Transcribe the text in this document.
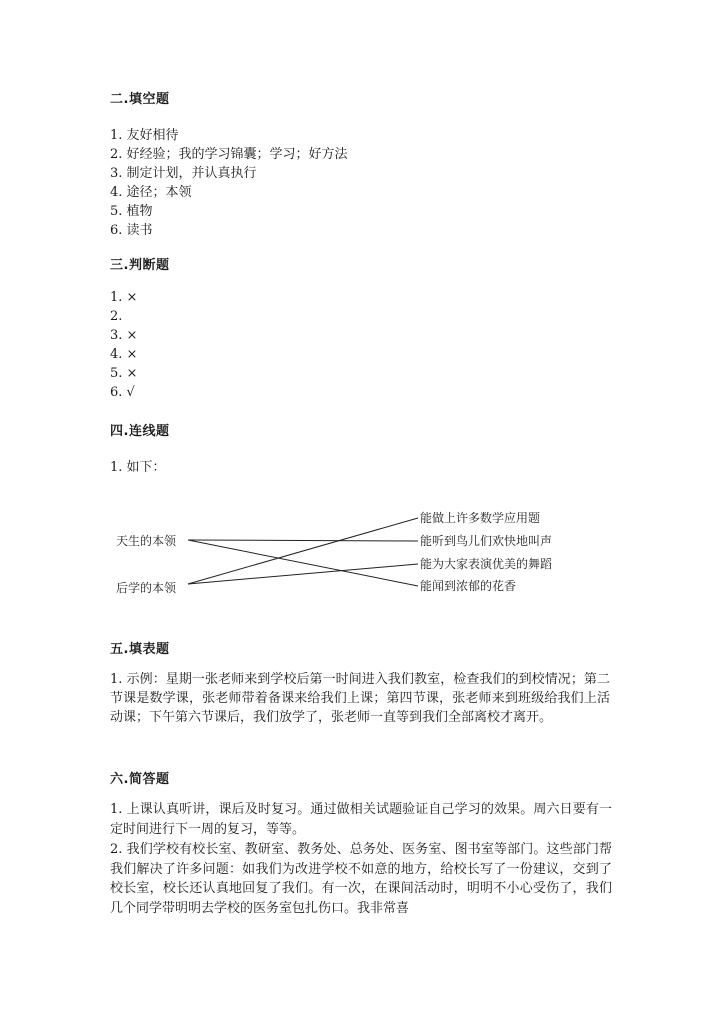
二.填空题
1. 友好相待
2. 好经验；我的学习锦囊；学习；好方法
3. 制定计划，并认真执行
4. 途径；本领
5. 植物
6. 读书
三.判断题
1. ×
2.
3. ×
4. ×
5. ×
6. √
四.连线题
1. 如下：
天生的本领
后学的本领
能做上许多数学应用题
能听到鸟儿们欢快地叫声
能为大家表演优美的舞蹈
能闻到浓郁的花香
五.填表题
1. 示例：星期一张老师来到学校后第一时间进入我们教室，检查我们的到校情况；第二节课是数学课，张老师带着备课来给我们上课；第四节课，张老师来到班级给我们上活动课；下午第六节课后，我们放学了，张老师一直等到我们全部离校才离开。
六.简答题
1. 上课认真听讲，课后及时复习。通过做相关试题验证自己学习的效果。周六日要有一定时间进行下一周的复习，等等。
2. 我们学校有校长室、教研室、教务处、总务处、医务室、图书室等部门。这些部门帮我们解决了许多问题：如我们为改进学校不如意的地方，给校长写了一份建议，交到了校长室，校长还认真地回复了我们。有一次，在课间活动时，明明不小心受伤了，我们几个同学带明明去学校的医务室包扎伤口。我非常喜
